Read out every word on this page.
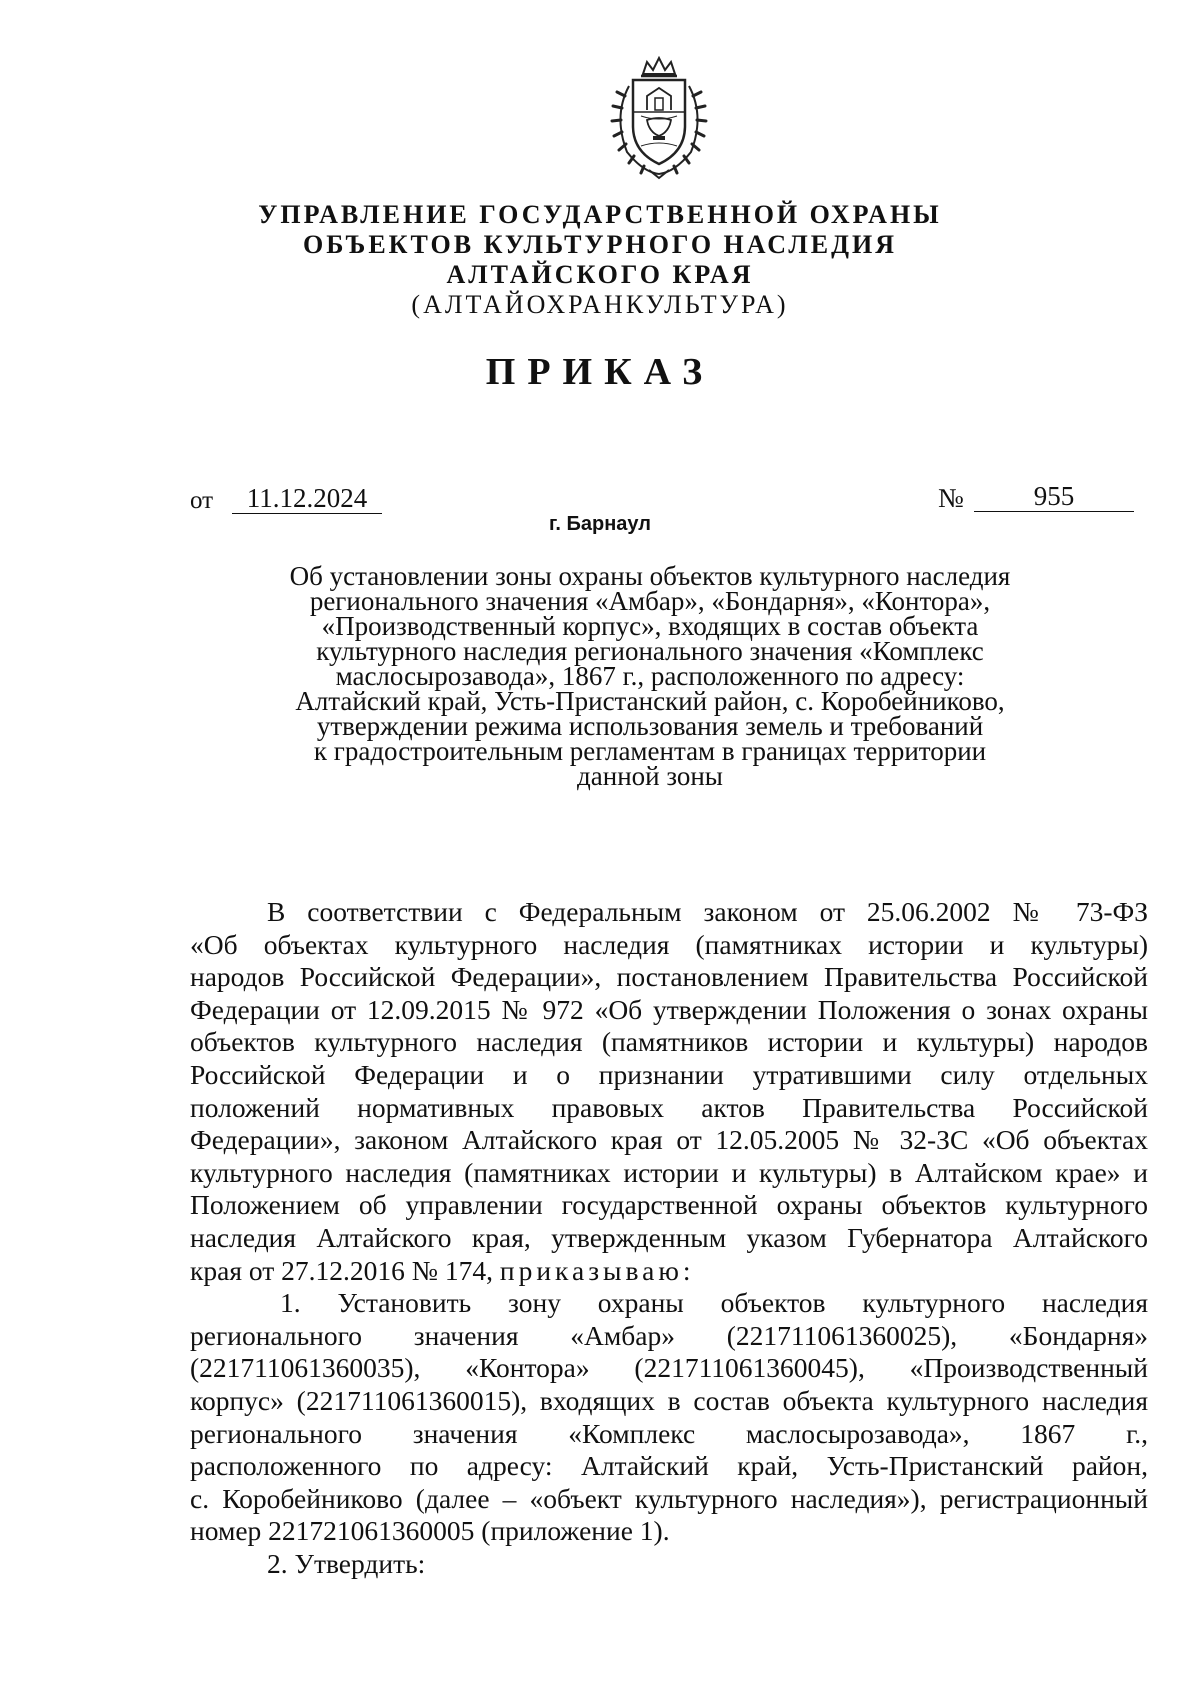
УПРАВЛЕНИЕ ГОСУДАРСТВЕННОЙ ОХРАНЫ
ОБЪЕКТОВ КУЛЬТУРНОГО НАСЛЕДИЯ
АЛТАЙСКОГО КРАЯ
(АЛТАЙОХРАНКУЛЬТУРА)
ПРИКАЗ
от	11.12.2024	№	955
г. Барнаул
Об установлении зоны охраны объектов культурного наследия
регионального значения «Амбар», «Бондарня», «Контора»,
«Производственный корпус», входящих в состав объекта
культурного наследия регионального значения «Комплекс
маслосырозавода», 1867 г., расположенного по адресу:
Алтайский край, Усть-Пристанский район, с. Коробейниково,
утверждении режима использования земель и требований
к градостроительным регламентам в границах территории
данной зоны
В соответствии с Федеральным законом от 25.06.2002 № 73-ФЗ
«Об объектах культурного наследия (памятниках истории и культуры)
народов Российской Федерации», постановлением Правительства Российской
Федерации от 12.09.2015 № 972 «Об утверждении Положения о зонах охраны
объектов культурного наследия (памятников истории и культуры) народов
Российской Федерации и о признании утратившими силу отдельных
положений нормативных правовых актов Правительства Российской
Федерации», законом Алтайского края от 12.05.2005 № 32-ЗС «Об объектах
культурного наследия (памятниках истории и культуры) в Алтайском крае» и
Положением об управлении государственной охраны объектов культурного
наследия Алтайского края, утвержденным указом Губернатора Алтайского
края от 27.12.2016 № 174, приказываю:
1. Установить зону охраны объектов культурного наследия
регионального значения «Амбар» (221711061360025), «Бондарня»
(221711061360035), «Контора» (221711061360045), «Производственный
корпус» (221711061360015), входящих в состав объекта культурного наследия
регионального значения «Комплекс маслосырозавода», 1867 г.,
расположенного по адресу: Алтайский край, Усть-Пристанский район,
с. Коробейниково (далее – «объект культурного наследия»), регистрационный
номер 221721061360005 (приложение 1).
2. Утвердить:
